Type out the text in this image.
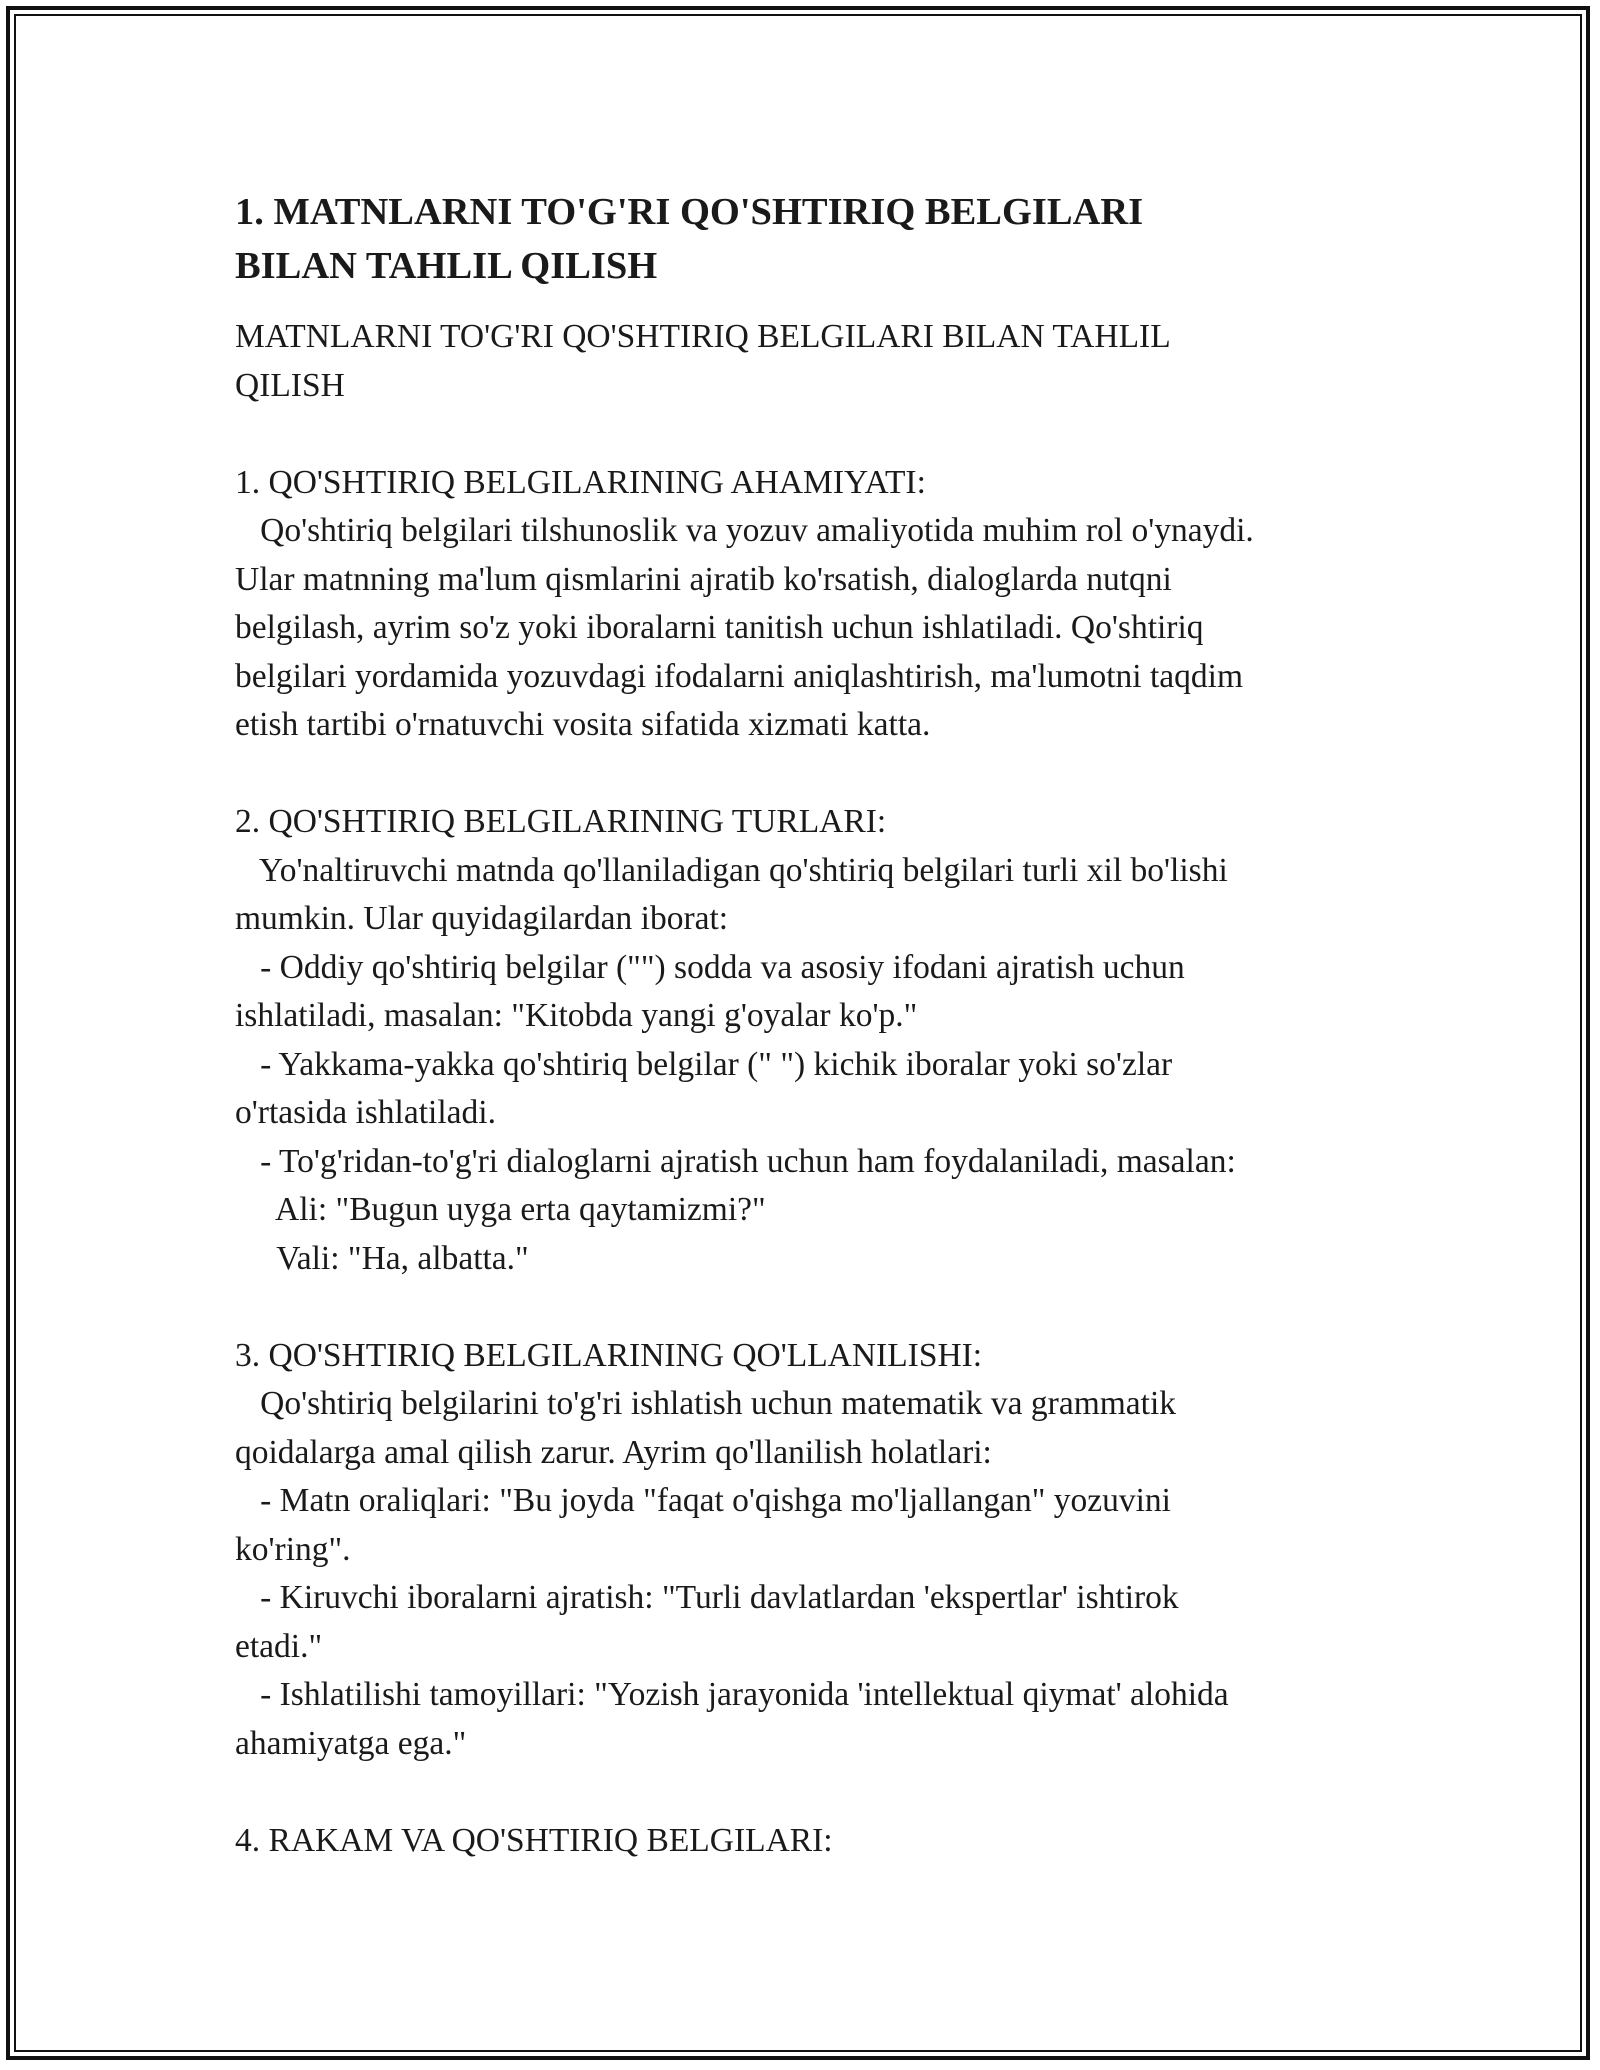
1. MATNLARNI TO'G'RI QO'SHTIRIQ BELGILARI
BILAN TAHLIL QILISH
MATNLARNI TO'G'RI QO'SHTIRIQ BELGILARI BILAN TAHLIL
QILISH
1. QO'SHTIRIQ BELGILARINING AHAMIYATI:
Qo'shtiriq belgilari tilshunoslik va yozuv amaliyotida muhim rol o'ynaydi.
Ular matnning ma'lum qismlarini ajratib ko'rsatish, dialoglarda nutqni
belgilash, ayrim so'z yoki iboralarni tanitish uchun ishlatiladi. Qo'shtiriq
belgilari yordamida yozuvdagi ifodalarni aniqlashtirish, ma'lumotni taqdim
etish tartibi o'rnatuvchi vosita sifatida xizmati katta.
2. QO'SHTIRIQ BELGILARINING TURLARI:
Yo'naltiruvchi matnda qo'llaniladigan qo'shtiriq belgilari turli xil bo'lishi
mumkin. Ular quyidagilardan iborat:
- Oddiy qo'shtiriq belgilar ("") sodda va asosiy ifodani ajratish uchun
ishlatiladi, masalan: "Kitobda yangi g'oyalar ko'p."
- Yakkama-yakka qo'shtiriq belgilar (" ") kichik iboralar yoki so'zlar
o'rtasida ishlatiladi.
- To'g'ridan-to'g'ri dialoglarni ajratish uchun ham foydalaniladi, masalan:
Ali: "Bugun uyga erta qaytamizmi?"
Vali: "Ha, albatta."
3. QO'SHTIRIQ BELGILARINING QO'LLANILISHI:
Qo'shtiriq belgilarini to'g'ri ishlatish uchun matematik va grammatik
qoidalarga amal qilish zarur. Ayrim qo'llanilish holatlari:
- Matn oraliqlari: "Bu joyda "faqat o'qishga mo'ljallangan" yozuvini
ko'ring".
- Kiruvchi iboralarni ajratish: "Turli davlatlardan 'ekspertlar' ishtirok
etadi."
- Ishlatilishi tamoyillari: "Yozish jarayonida 'intellektual qiymat' alohida
ahamiyatga ega."
4. RAKAM VA QO'SHTIRIQ BELGILARI:
